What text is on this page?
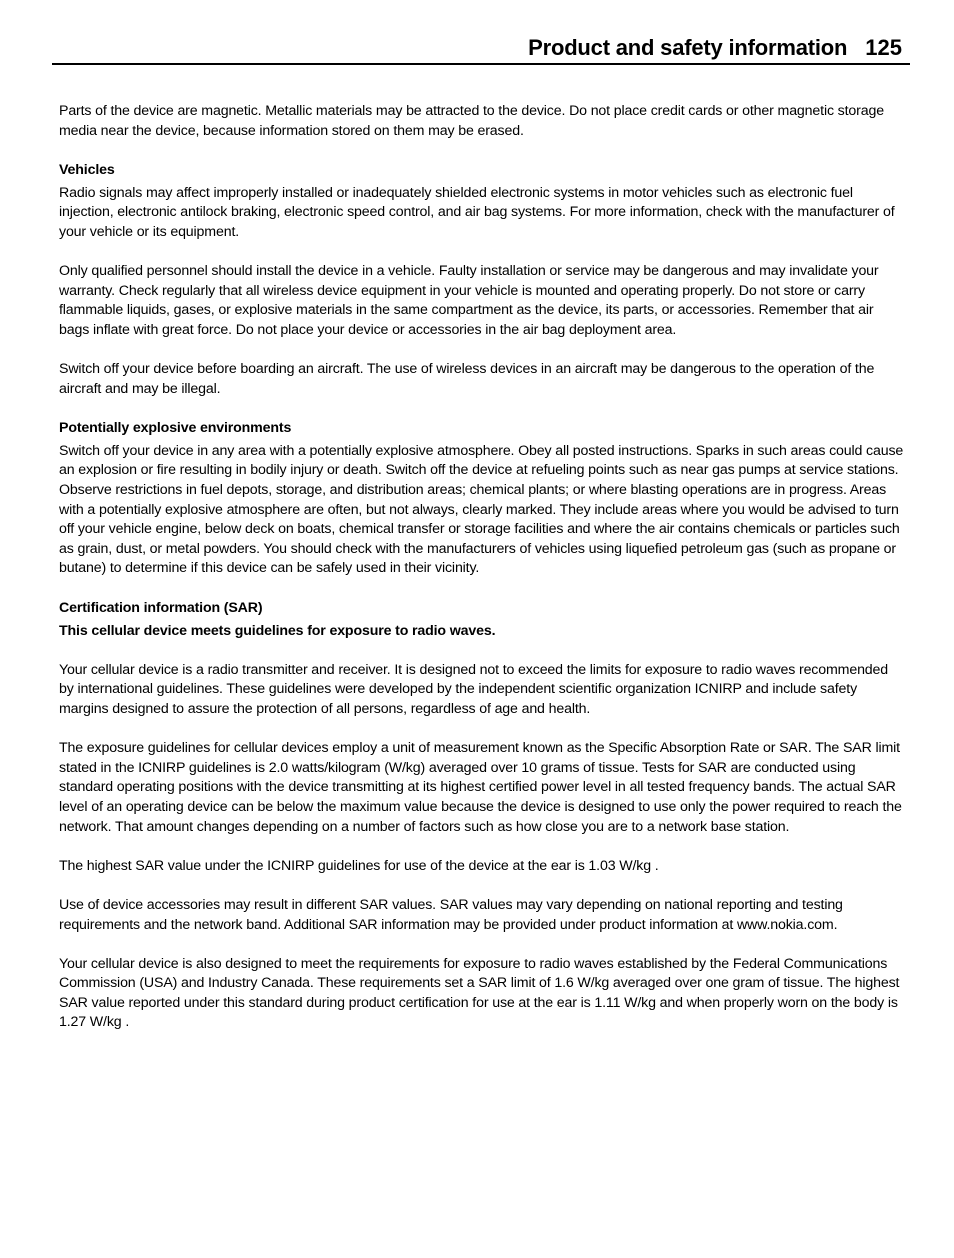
Product and safety information 125

Parts of the device are magnetic. Metallic materials may be attracted to the device. Do not place credit cards or other magnetic storage media near the device, because information stored on them may be erased.

Vehicles

Radio signals may affect improperly installed or inadequately shielded electronic systems in motor vehicles such as electronic fuel injection, electronic antilock braking, electronic speed control, and air bag systems. For more information, check with the manufacturer of your vehicle or its equipment.

Only qualified personnel should install the device in a vehicle. Faulty installation or service may be dangerous and may invalidate your warranty. Check regularly that all wireless device equipment in your vehicle is mounted and operating properly. Do not store or carry flammable liquids, gases, or explosive materials in the same compartment as the device, its parts, or accessories. Remember that air bags inflate with great force. Do not place your device or accessories in the air bag deployment area.

Switch off your device before boarding an aircraft. The use of wireless devices in an aircraft may be dangerous to the operation of the aircraft and may be illegal.

Potentially explosive environments

Switch off your device in any area with a potentially explosive atmosphere. Obey all posted instructions. Sparks in such areas could cause an explosion or fire resulting in bodily injury or death. Switch off the device at refueling points such as near gas pumps at service stations. Observe restrictions in fuel depots, storage, and distribution areas; chemical plants; or where blasting operations are in progress. Areas with a potentially explosive atmosphere are often, but not always, clearly marked. They include areas where you would be advised to turn off your vehicle engine, below deck on boats, chemical transfer or storage facilities and where the air contains chemicals or particles such as grain, dust, or metal powders. You should check with the manufacturers of vehicles using liquefied petroleum gas (such as propane or butane) to determine if this device can be safely used in their vicinity.

Certification information (SAR)

This cellular device meets guidelines for exposure to radio waves.

Your cellular device is a radio transmitter and receiver. It is designed not to exceed the limits for exposure to radio waves recommended by international guidelines. These guidelines were developed by the independent scientific organization ICNIRP and include safety margins designed to assure the protection of all persons, regardless of age and health.

The exposure guidelines for cellular devices employ a unit of measurement known as the Specific Absorption Rate or SAR. The SAR limit stated in the ICNIRP guidelines is 2.0 watts/kilogram (W/kg) averaged over 10 grams of tissue. Tests for SAR are conducted using standard operating positions with the device transmitting at its highest certified power level in all tested frequency bands. The actual SAR level of an operating device can be below the maximum value because the device is designed to use only the power required to reach the network. That amount changes depending on a number of factors such as how close you are to a network base station.

The highest SAR value under the ICNIRP guidelines for use of the device at the ear is 1.03 W/kg .

Use of device accessories may result in different SAR values. SAR values may vary depending on national reporting and testing requirements and the network band. Additional SAR information may be provided under product information at www.nokia.com.

Your cellular device is also designed to meet the requirements for exposure to radio waves established by the Federal Communications Commission (USA) and Industry Canada. These requirements set a SAR limit of 1.6 W/kg averaged over one gram of tissue. The highest SAR value reported under this standard during product certification for use at the ear is 1.11 W/kg and when properly worn on the body is 1.27 W/kg .
